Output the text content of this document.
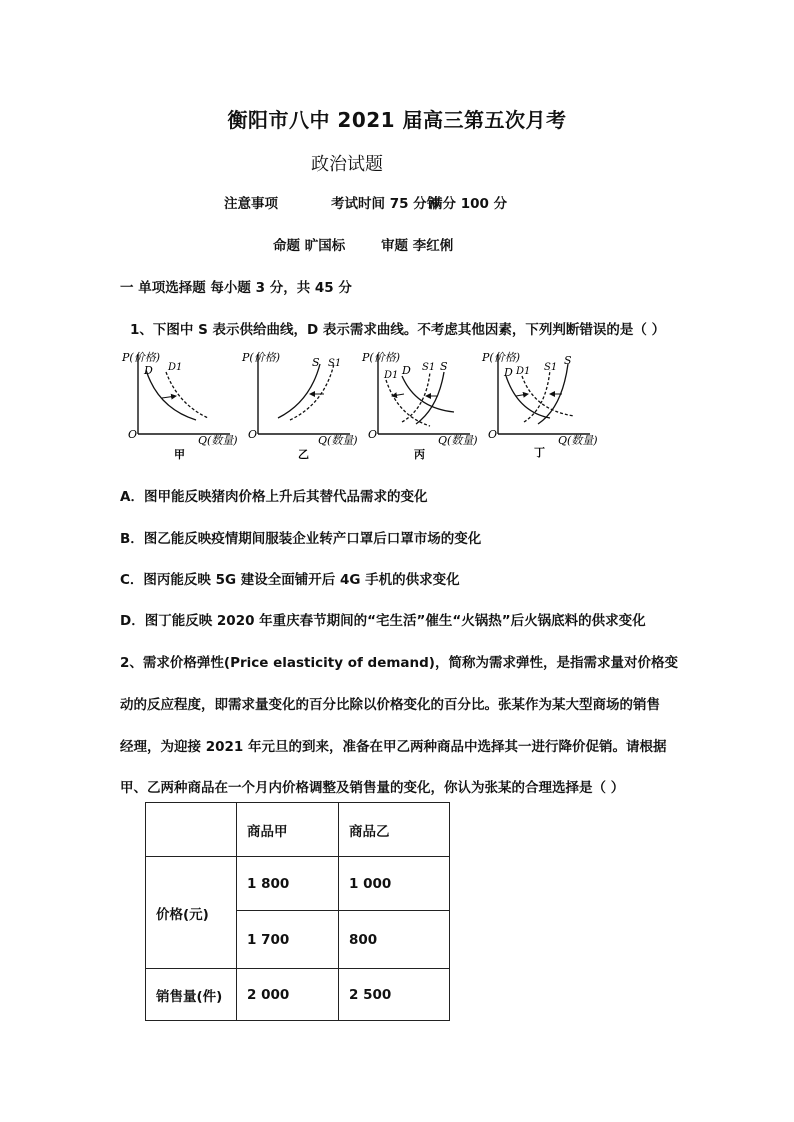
衡阳市八中 2021 届高三第五次月考
政治试题
注意事项	考试时间 75 分钟
满分 100 分
命题 旷国标	审题 李红俐
一 单项选择题 每小题 3 分，共 45 分
1、下图中 S 表示供给曲线，D 表示需求曲线。不考虑其他因素，下列判断错误的是（ ）
P(价格)
O	Q(数量)
D D1
甲
P(价格)
O	Q(数量)
S S1
乙
P(价格)
O	Q(数量)
D1 D S1 S
丙
P(价格)
O	Q(数量)
D1
D	S1
S
丁
A．图甲能反映猪肉价格上升后其替代品需求的变化
B．图乙能反映疫情期间服装企业转产口罩后口罩市场的变化
C．图丙能反映 5G 建设全面铺开后 4G 手机的供求变化
D．图丁能反映 2020 年重庆春节期间的“宅生活”催生“火锅热”后火锅底料的供求变化
2、需求价格弹性(Price elasticity of demand)，简称为需求弹性，是指需求量对价格变
动的反应程度，即需求量变化的百分比除以价格变化的百分比。张某作为某大型商场的销售
经理，为迎接 2021 年元旦的到来，准备在甲乙两种商品中选择其一进行降价促销。请根据
甲、乙两种商品在一个月内价格调整及销售量的变化，你认为张某的合理选择是（ ）
	商品甲	商品乙
价格(元)	1 800	1 000
	1 700	800
销售量(件)	2 000	2 500
